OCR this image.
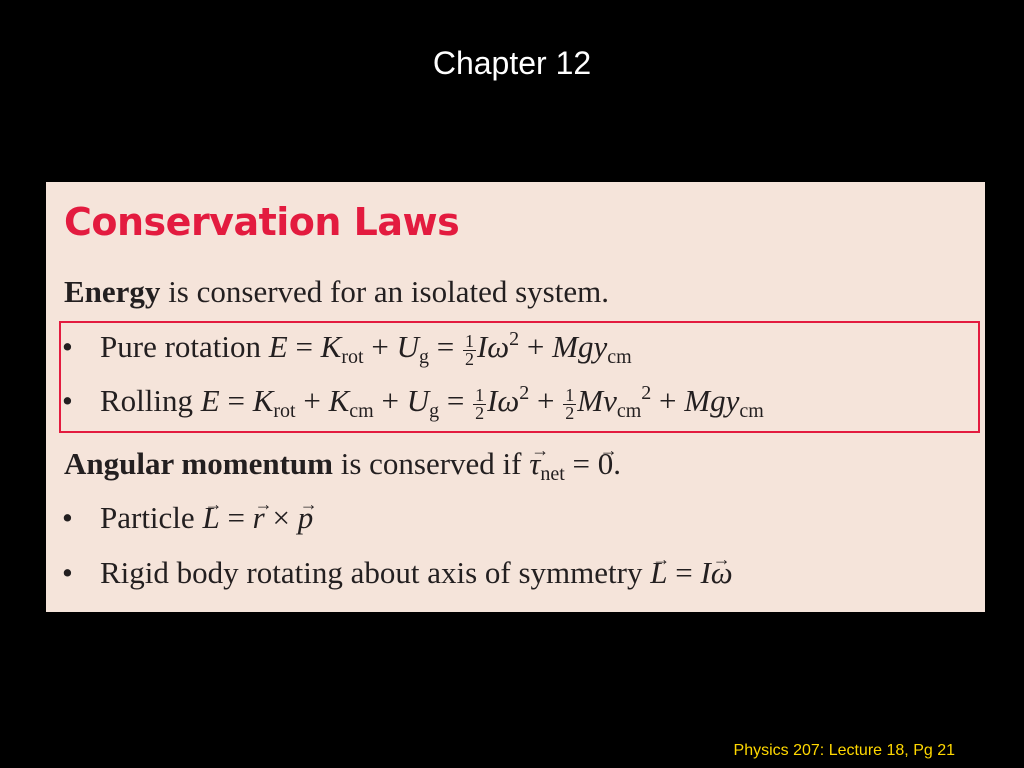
Chapter 12
Conservation Laws
Energy is conserved for an isolated system.
• Pure rotation $E = K_{rot} + U_g = \frac{1}{2} I\omega^2 + Mgy_{cm}$
• Rolling $E = K_{rot} + K_{cm} + U_g = \frac{1}{2} I\omega^2 + \frac{1}{2} Mv_{cm}^2 + Mgy_{cm}$
Angular momentum is conserved if → $\tau_{net}$ = → 0.
• Particle → L = → r × → p
• Rigid body rotating about axis of symmetry → L = I→ ω
Physics 207: Lecture 18, Pg 21
